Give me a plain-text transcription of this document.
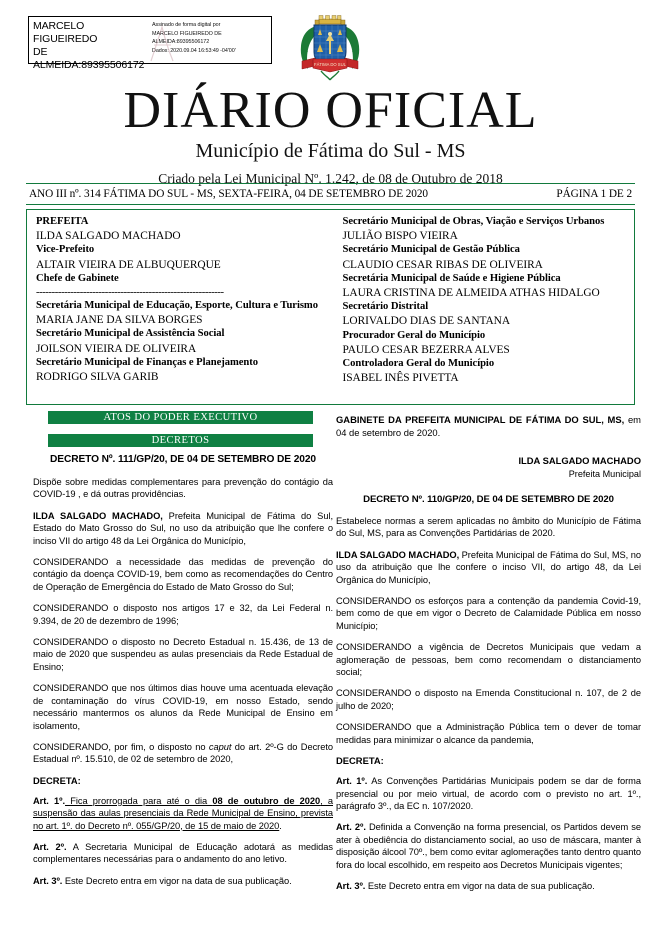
MARCELO FIGUEIREDO
DE
ALMEIDA:89395506172
Assinado de forma digital por
MARCELO FIGUEIREDO DE
ALMEIDA:89395506172
Dados: 2020.09.04 16:53:49 -04'00'
FÁTIMA DO SUL
DIÁRIO OFICIAL
Município de Fátima do Sul - MS
Criado pela Lei Municipal Nº. 1.242, de 08 de Outubro de 2018
ANO III nº. 314 FÁTIMA DO SUL - MS, SEXTA-FEIRA, 04 DE SETEMBRO DE 2020	PÁGINA 1 DE 2
PREFEITA
ILDA SALGADO MACHADO
Vice-Prefeito
ALTAIR VIEIRA DE ALBUQUERQUE
Chefe de Gabinete
------------------------------------------------------------
Secretária Municipal de Educação, Esporte, Cultura e Turismo
MARIA JANE DA SILVA BORGES
Secretário Municipal de Assistência Social
JOILSON VIEIRA DE OLIVEIRA
Secretário Municipal de Finanças e Planejamento
RODRIGO SILVA GARIB
Secretário Municipal de Obras, Viação e Serviços Urbanos
JULIÃO BISPO VIEIRA
Secretário Municipal de Gestão Pública
CLAUDIO CESAR RIBAS DE OLIVEIRA
Secretária Municipal de Saúde e Higiene Pública
LAURA CRISTINA DE ALMEIDA ATHAS HIDALGO
Secretário Distrital
LORIVALDO DIAS DE SANTANA
Procurador Geral do Município
PAULO CESAR BEZERRA ALVES
Controladora Geral do Município
ISABEL INÊS PIVETTA
ATOS DO PODER EXECUTIVO
DECRETOS
DECRETO Nº. 111/GP/20, DE 04 DE SETEMBRO DE 2020

Dispõe sobre medidas complementares para prevenção do contágio da COVID-19 , e dá outras providências.

ILDA SALGADO MACHADO, Prefeita Municipal de Fátima do Sul, Estado do Mato Grosso do Sul, no uso da atribuição que lhe confere o inciso VII do artigo 48 da Lei Orgânica do Município,

CONSIDERANDO a necessidade das medidas de prevenção do contágio da doença COVID-19, bem como as recomendações do Centro de Operação de Emergência do Estado de Mato Grosso do Sul;

CONSIDERANDO o disposto nos artigos 17 e 32, da Lei Federal n. 9.394, de 20 de dezembro de 1996;

CONSIDERANDO o disposto no Decreto Estadual n. 15.436, de 13 de maio de 2020 que suspendeu as aulas presenciais da Rede Estadual de Ensino;

CONSIDERANDO que nos últimos dias houve uma acentuada elevação de contaminação do vírus COVID-19, em nosso Estado, sendo necessário mantermos os alunos da Rede Municipal de Ensino em isolamento,

CONSIDERANDO, por fim, o disposto no caput do art. 2º-G do Decreto Estadual nº. 15.510, de 02 de setembro de 2020,

DECRETA:

Art. 1º. Fica prorrogada para até o dia 08 de outubro de 2020, a suspensão das aulas presenciais da Rede Municipal de Ensino, prevista no art. 1º. do Decreto nº. 055/GP/20, de 15 de maio de 2020.

Art. 2º. A Secretaria Municipal de Educação adotará as medidas complementares necessárias para o andamento do ano letivo.

Art. 3º. Este Decreto entra em vigor na data de sua publicação.

GABINETE DA PREFEITA MUNICIPAL DE FÁTIMA DO SUL, MS, em 04 de setembro de 2020.

ILDA SALGADO MACHADO
Prefeita Municipal
DECRETO Nº. 110/GP/20, DE 04 DE SETEMBRO DE 2020

Estabelece normas a serem aplicadas no âmbito do Município de Fátima do Sul, MS, para as Convenções Partidárias de 2020.

ILDA SALGADO MACHADO, Prefeita Municipal de Fátima do Sul, MS, no uso da atribuição que lhe confere o inciso VII, do artigo 48, da Lei Orgânica do Município,

CONSIDERANDO os esforços para a contenção da pandemia Covid-19, bem como de que em vigor o Decreto de Calamidade Pública em nosso Município;

CONSIDERANDO a vigência de Decretos Municipais que vedam a aglomeração de pessoas, bem como recomendam o distanciamento social;

CONSIDERANDO o disposto na Emenda Constitucional n. 107, de 2 de julho de 2020;

CONSIDERANDO que a Administração Pública tem o dever de tomar medidas para minimizar o alcance da pandemia,

DECRETA:

Art. 1º. As Convenções Partidárias Municipais podem se dar de forma presencial ou por meio virtual, de acordo com o previsto no art. 1º., parágrafo 3º., da EC n. 107/2020.

Art. 2º. Definida a Convenção na forma presencial, os Partidos devem se ater à obediência do distanciamento social, ao uso de máscara, manter à disposição álcool 70º., bem como evitar aglomerações tanto dentro quanto fora do local escolhido, em respeito aos Decretos Municipais vigentes;

Art. 3º. Este Decreto entra em vigor na data de sua publicação.
